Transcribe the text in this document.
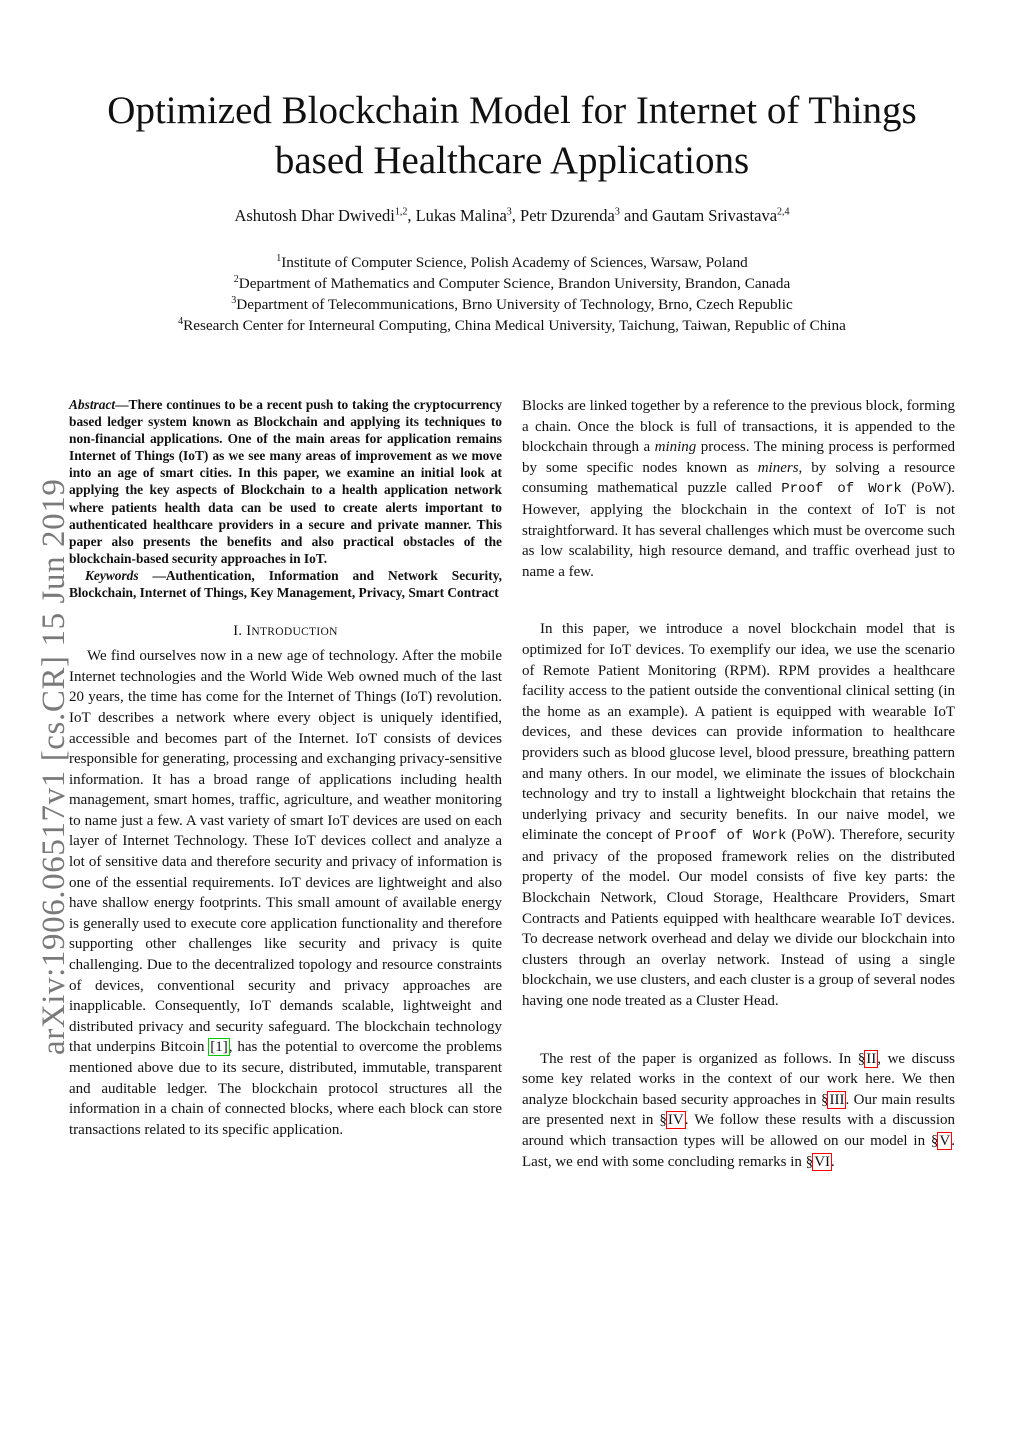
arXiv:1906.06517v1 [cs.CR] 15 Jun 2019
Optimized Blockchain Model for Internet of Things
based Healthcare Applications
Ashutosh Dhar Dwivedi$^{1,2}$, Lukas Malina$^3$, Petr Dzurenda$^3$ and Gautam Srivastava$^{2,4}$
$^1$Institute of Computer Science, Polish Academy of Sciences, Warsaw, Poland
$^2$Department of Mathematics and Computer Science, Brandon University, Brandon, Canada
$^3$Department of Telecommunications, Brno University of Technology, Brno, Czech Republic
$^4$Research Center for Interneural Computing, China Medical University, Taichung, Taiwan, Republic of China

Abstract—There continues to be a recent push to taking the cryptocurrency based ledger system known as Blockchain and applying its techniques to non-financial applications. One of the main areas for application remains Internet of Things (IoT) as we see many areas of improvement as we move into an age of smart cities. In this paper, we examine an initial look at applying the key aspects of Blockchain to a health application network where patients health data can be used to create alerts important to authenticated healthcare providers in a secure and private manner. This paper also presents the benefits and also practical obstacles of the blockchain-based security approaches in IoT.

Keywords —Authentication, Information and Network Security, Blockchain, Internet of Things, Key Management, Privacy, Smart Contract

I. INTRODUCTION

We find ourselves now in a new age of technology. After the mobile Internet technologies and the World Wide Web owned much of the last 20 years, the time has come for the Internet of Things (IoT) revolution. IoT describes a network where every object is uniquely identified, accessible and becomes part of the Internet. IoT consists of devices responsible for generating, processing and exchanging privacy-sensitive information. It has a broad range of applications including health management, smart homes, traffic, agriculture, and weather monitoring to name just a few. A vast variety of smart IoT devices are used on each layer of Internet Technology. These IoT devices collect and analyze a lot of sensitive data and therefore security and privacy of information is one of the essential requirements. IoT devices are lightweight and also have shallow energy footprints. This small amount of available energy is generally used to execute core application functionality and therefore supporting other challenges like security and privacy is quite challenging. Due to the decentralized topology and resource constraints of devices, conventional security and privacy approaches are inapplicable. Consequently, IoT demands scalable, lightweight and distributed privacy and security safeguard. The blockchain technology that underpins Bitcoin [1], has the potential to overcome the problems mentioned above due to its secure, distributed, immutable, transparent and auditable ledger. The blockchain protocol structures all the information in a chain of connected blocks, where each block can store transactions related to its specific application.

Blocks are linked together by a reference to the previous block, forming a chain. Once the block is full of transactions, it is appended to the blockchain through a mining process. The mining process is performed by some specific nodes known as miners, by solving a resource consuming mathematical puzzle called Proof of Work (PoW). However, applying the blockchain in the context of IoT is not straightforward. It has several challenges which must be overcome such as low scalability, high resource demand, and traffic overhead just to name a few.

In this paper, we introduce a novel blockchain model that is optimized for IoT devices. To exemplify our idea, we use the scenario of Remote Patient Monitoring (RPM). RPM provides a healthcare facility access to the patient outside the conventional clinical setting (in the home as an example). A patient is equipped with wearable IoT devices, and these devices can provide information to healthcare providers such as blood glucose level, blood pressure, breathing pattern and many others. In our model, we eliminate the issues of blockchain technology and try to install a lightweight blockchain that retains the underlying privacy and security benefits. In our naive model, we eliminate the concept of Proof of Work (PoW). Therefore, security and privacy of the proposed framework relies on the distributed property of the model. Our model consists of five key parts: the Blockchain Network, Cloud Storage, Healthcare Providers, Smart Contracts and Patients equipped with healthcare wearable IoT devices. To decrease network overhead and delay we divide our blockchain into clusters through an overlay network. Instead of using a single blockchain, we use clusters, and each cluster is a group of several nodes having one node treated as a Cluster Head.

The rest of the paper is organized as follows. In §II, we discuss some key related works in the context of our work here. We then analyze blockchain based security approaches in §III. Our main results are presented next in §IV. We follow these results with a discussion around which transaction types will be allowed on our model in §V. Last, we end with some concluding remarks in §VI.
